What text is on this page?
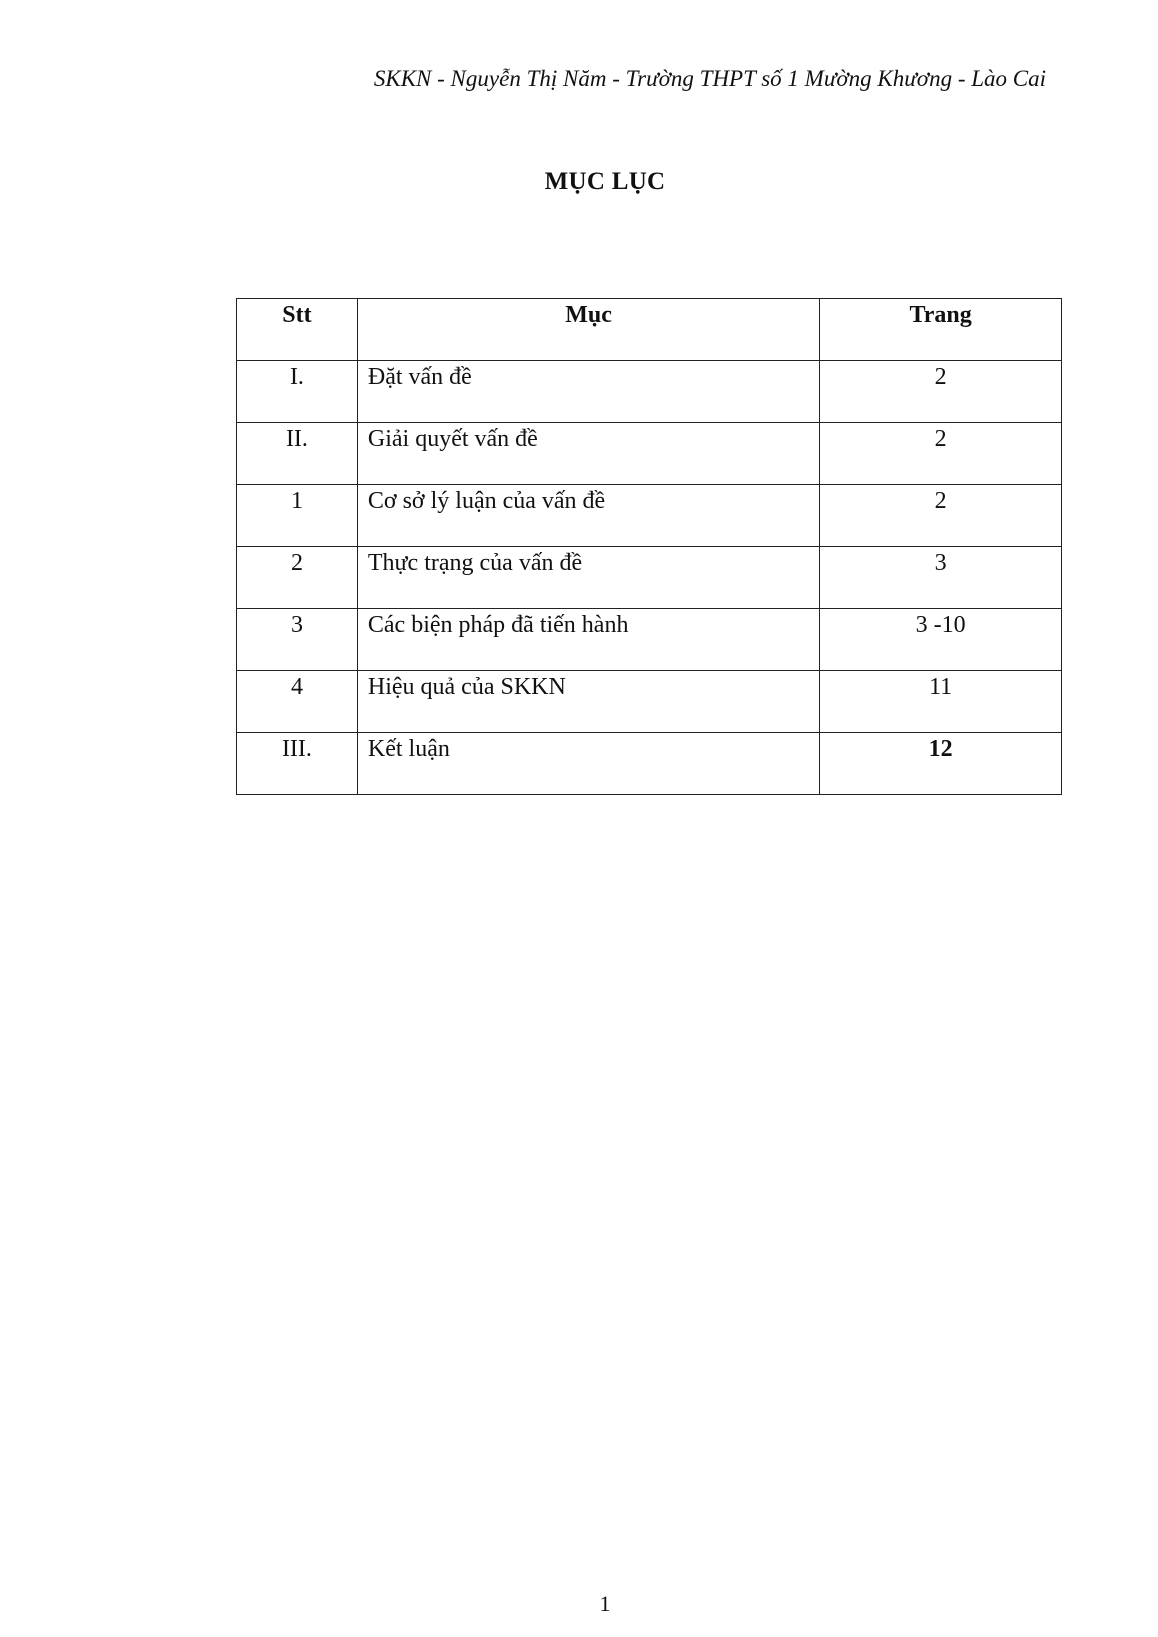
SKKN - Nguyễn Thị Năm - Trường THPT số 1 Mường Khương - Lào Cai
MỤC LỤC
Stt	Mục	Trang
I.	Đặt vấn đề	2
II.	Giải quyết vấn đề	2
1	Cơ sở lý luận của vấn đề	2
2	Thực trạng của vấn đề	3
3	Các biện pháp đã tiến hành	3 -10
4	Hiệu quả của SKKN	11
III.	Kết luận	12
1
